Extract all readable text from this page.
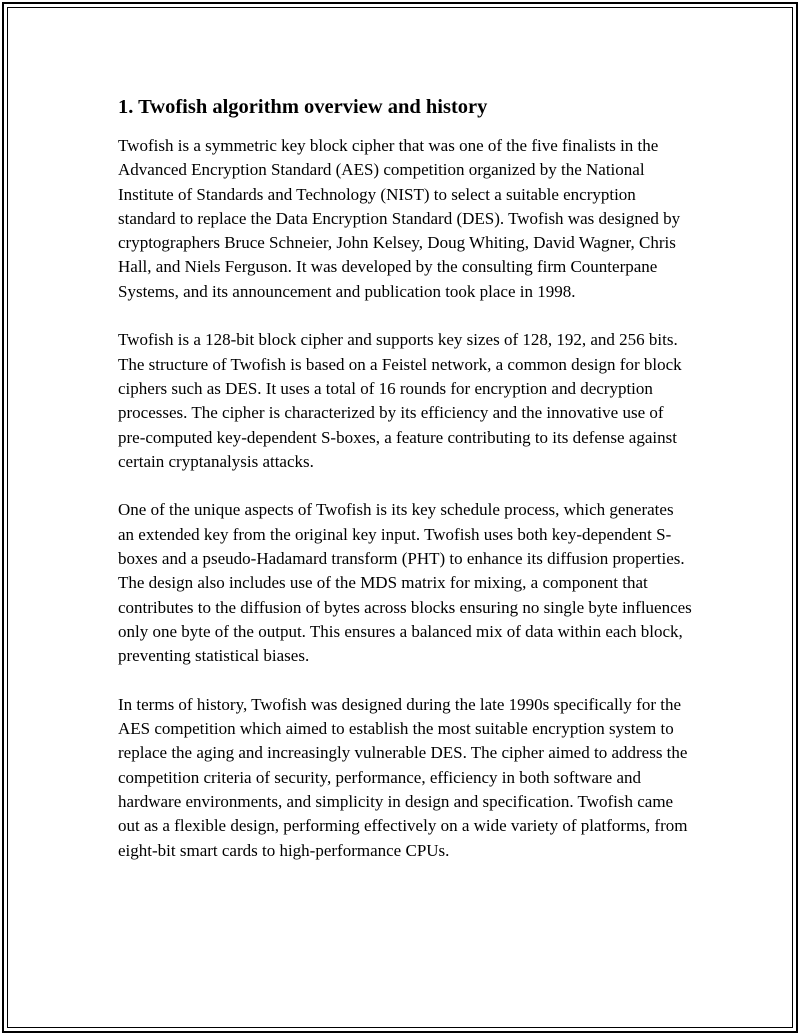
1. Twofish algorithm overview and history

Twofish is a symmetric key block cipher that was one of the five finalists in the Advanced Encryption Standard (AES) competition organized by the National Institute of Standards and Technology (NIST) to select a suitable encryption standard to replace the Data Encryption Standard (DES). Twofish was designed by cryptographers Bruce Schneier, John Kelsey, Doug Whiting, David Wagner, Chris Hall, and Niels Ferguson. It was developed by the consulting firm Counterpane Systems, and its announcement and publication took place in 1998.

Twofish is a 128-bit block cipher and supports key sizes of 128, 192, and 256 bits. The structure of Twofish is based on a Feistel network, a common design for block ciphers such as DES. It uses a total of 16 rounds for encryption and decryption processes. The cipher is characterized by its efficiency and the innovative use of pre-computed key-dependent S-boxes, a feature contributing to its defense against certain cryptanalysis attacks.

One of the unique aspects of Twofish is its key schedule process, which generates an extended key from the original key input. Twofish uses both key-dependent S-boxes and a pseudo-Hadamard transform (PHT) to enhance its diffusion properties. The design also includes use of the MDS matrix for mixing, a component that contributes to the diffusion of bytes across blocks ensuring no single byte influences only one byte of the output. This ensures a balanced mix of data within each block, preventing statistical biases.

In terms of history, Twofish was designed during the late 1990s specifically for the AES competition which aimed to establish the most suitable encryption system to replace the aging and increasingly vulnerable DES. The cipher aimed to address the competition criteria of security, performance, efficiency in both software and hardware environments, and simplicity in design and specification. Twofish came out as a flexible design, performing effectively on a wide variety of platforms, from eight-bit smart cards to high-performance CPUs.
